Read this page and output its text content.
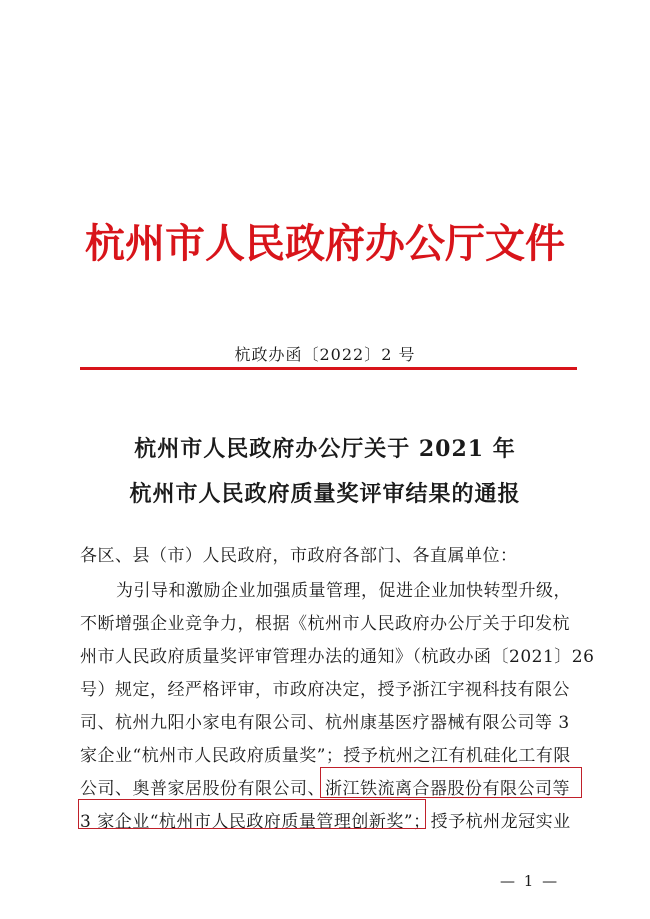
杭州市人民政府办公厅文件
杭政办函〔2022〕2 号
杭州市人民政府办公厅关于 2021 年
杭州市人民政府质量奖评审结果的通报
各区、县（市）人民政府，市政府各部门、各直属单位：
为引导和激励企业加强质量管理，促进企业加快转型升级，
不断增强企业竞争力，根据《杭州市人民政府办公厅关于印发杭
州市人民政府质量奖评审管理办法的通知》（杭政办函〔2021〕26
号）规定，经严格评审，市政府决定，授予浙江宇视科技有限公
司、杭州九阳小家电有限公司、杭州康基医疗器械有限公司等 3
家企业“杭州市人民政府质量奖”；授予杭州之江有机硅化工有限
公司、奥普家居股份有限公司、浙江铁流离合器股份有限公司等
3 家企业“杭州市人民政府质量管理创新奖”；授予杭州龙冠实业
— 1 —
